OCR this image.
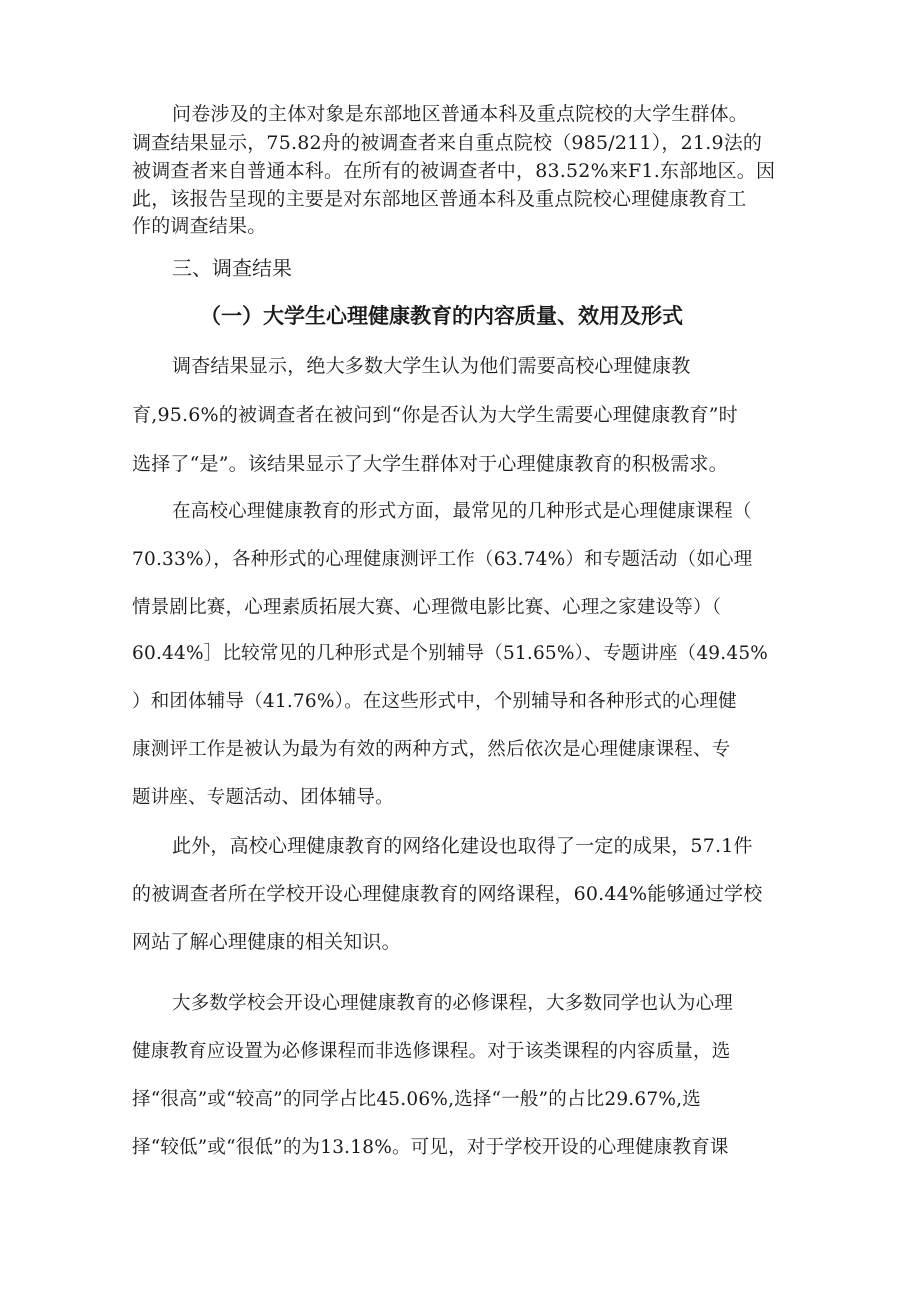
问卷涉及的主体对象是东部地区普通本科及重点院校的大学生群体。
调查结果显示，75.82舟的被调查者来自重点院校（985/211），21.9法的
被调查者来自普通本科。在所有的被调查者中，83.52%来F1.东部地区。因
此，该报告呈现的主要是对东部地区普通本科及重点院校心理健康教育工
作的调查结果。
三、调查结果
（一）大学生心理健康教育的内容质量、效用及形式
调杳结果显示，绝大多数大学生认为他们需要高校心理健康教
育,95.6%的被调查者在被问到“你是否认为大学生需要心理健康教育”时
选择了“是”。该结果显示了大学生群体对于心理健康教育的积极需求。
在高校心理健康教育的形式方面，最常见的几种形式是心理健康课程（
70.33%），各种形式的心理健康测评工作（63.74%）和专题活动（如心理
情景剧比赛，心理素质拓展大赛、心理微电影比赛、心理之家建设等）（
60.44%］比较常见的几种形式是个别辅导（51.65%）、专题讲座（49.45%
）和团体辅导（41.76%）。在这些形式中，个别辅导和各种形式的心理健
康测评工作是被认为最为有效的两种方式，然后依次是心理健康课程、专
题讲座、专题活动、团体辅导。
此外，高校心理健康教育的网络化建设也取得了一定的成果，57.1件
的被调查者所在学校开设心理健康教育的网络课程，60.44%能够通过学校
网站了解心理健康的相关知识。
大多数学校会开设心理健康教育的必修课程，大多数同学也认为心理
健康教育应设置为必修课程而非选修课程。对于该类课程的内容质量，选
择“很高”或“较高”的同学占比45.06%,选择“一般”的占比29.67%,选
择“较低”或“很低”的为13.18%。可见，对于学校开设的心理健康教育课
